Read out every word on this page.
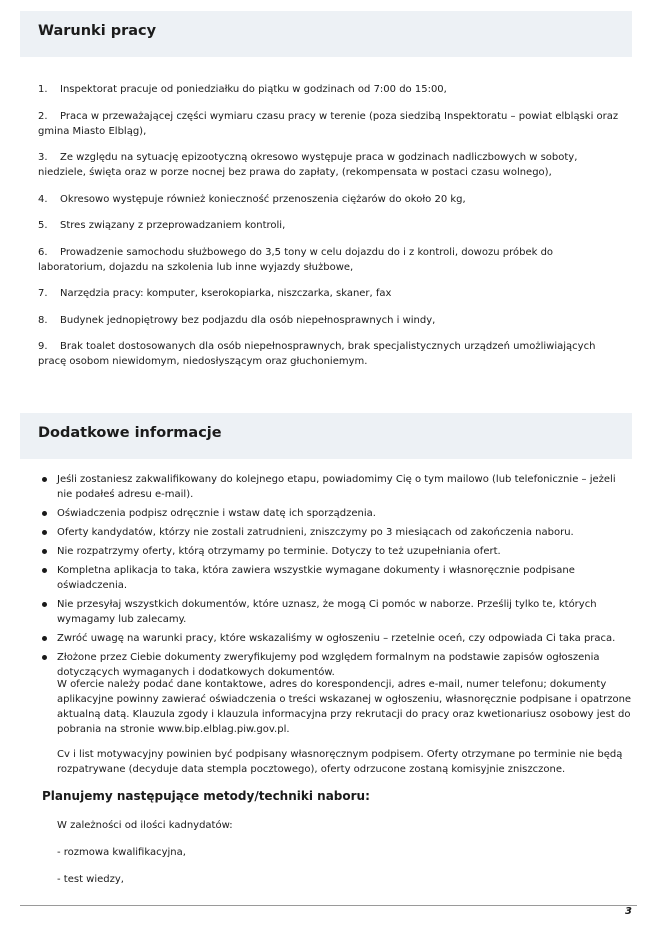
Warunki pracy
1. Inspektorat pracuje od poniedziałku do piątku w godzinach od 7:00 do 15:00,
2. Praca w przeważającej części wymiaru czasu pracy w terenie (poza siedzibą Inspektoratu – powiat elbląski oraz gmina Miasto Elbląg),
3. Ze względu na sytuację epizootyczną okresowo występuje praca w godzinach nadliczbowych w soboty, niedziele, święta oraz w porze nocnej bez prawa do zapłaty, (rekompensata w postaci czasu wolnego),
4. Okresowo występuje również konieczność przenoszenia ciężarów do około 20 kg,
5. Stres związany z przeprowadzaniem kontroli,
6. Prowadzenie samochodu służbowego do 3,5 tony w celu dojazdu do i z kontroli, dowozu próbek do laboratorium, dojazdu na szkolenia lub inne wyjazdy służbowe,
7. Narzędzia pracy: komputer, kserokopiarka, niszczarka, skaner, fax
8. Budynek jednopiętrowy bez podjazdu dla osób niepełnosprawnych i windy,
9. Brak toalet dostosowanych dla osób niepełnosprawnych, brak specjalistycznych urządzeń umożliwiających pracę osobom niewidomym, niedosłyszącym oraz głuchoniemym.
Dodatkowe informacje
Jeśli zostaniesz zakwalifikowany do kolejnego etapu, powiadomimy Cię o tym mailowo (lub telefonicznie – jeżeli nie podałeś adresu e-mail).
Oświadczenia podpisz odręcznie i wstaw datę ich sporządzenia.
Oferty kandydatów, którzy nie zostali zatrudnieni, zniszczymy po 3 miesiącach od zakończenia naboru.
Nie rozpatrzymy oferty, którą otrzymamy po terminie. Dotyczy to też uzupełniania ofert.
Kompletna aplikacja to taka, która zawiera wszystkie wymagane dokumenty i własnoręcznie podpisane oświadczenia.
Nie przesyłaj wszystkich dokumentów, które uznasz, że mogą Ci pomóc w naborze. Prześlij tylko te, których wymagamy lub zalecamy.
Zwróć uwagę na warunki pracy, które wskazaliśmy w ogłoszeniu – rzetelnie oceń, czy odpowiada Ci taka praca.
Złożone przez Ciebie dokumenty zweryfikujemy pod względem formalnym na podstawie zapisów ogłoszenia dotyczących wymaganych i dodatkowych dokumentów.

W ofercie należy podać dane kontaktowe, adres do korespondencji, adres e-mail, numer telefonu; dokumenty aplikacyjne powinny zawierać oświadczenia o treści wskazanej w ogłoszeniu, własnoręcznie podpisane i opatrzone aktualną datą. Klauzula zgody i klauzula informacyjna przy rekrutacji do pracy oraz kwetionariusz osobowy jest do pobrania na stronie www.bip.elblag.piw.gov.pl.

Cv i list motywacyjny powinien być podpisany własnoręcznym podpisem. Oferty otrzymane po terminie nie będą rozpatrywane (decyduje data stempla pocztowego), oferty odrzucone zostaną komisyjnie zniszczone.

Planujemy następujące metody/techniki naboru:

W zależności od ilości kadnydatów:

- rozmowa kwalifikacyjna,

- test wiedzy,

3
